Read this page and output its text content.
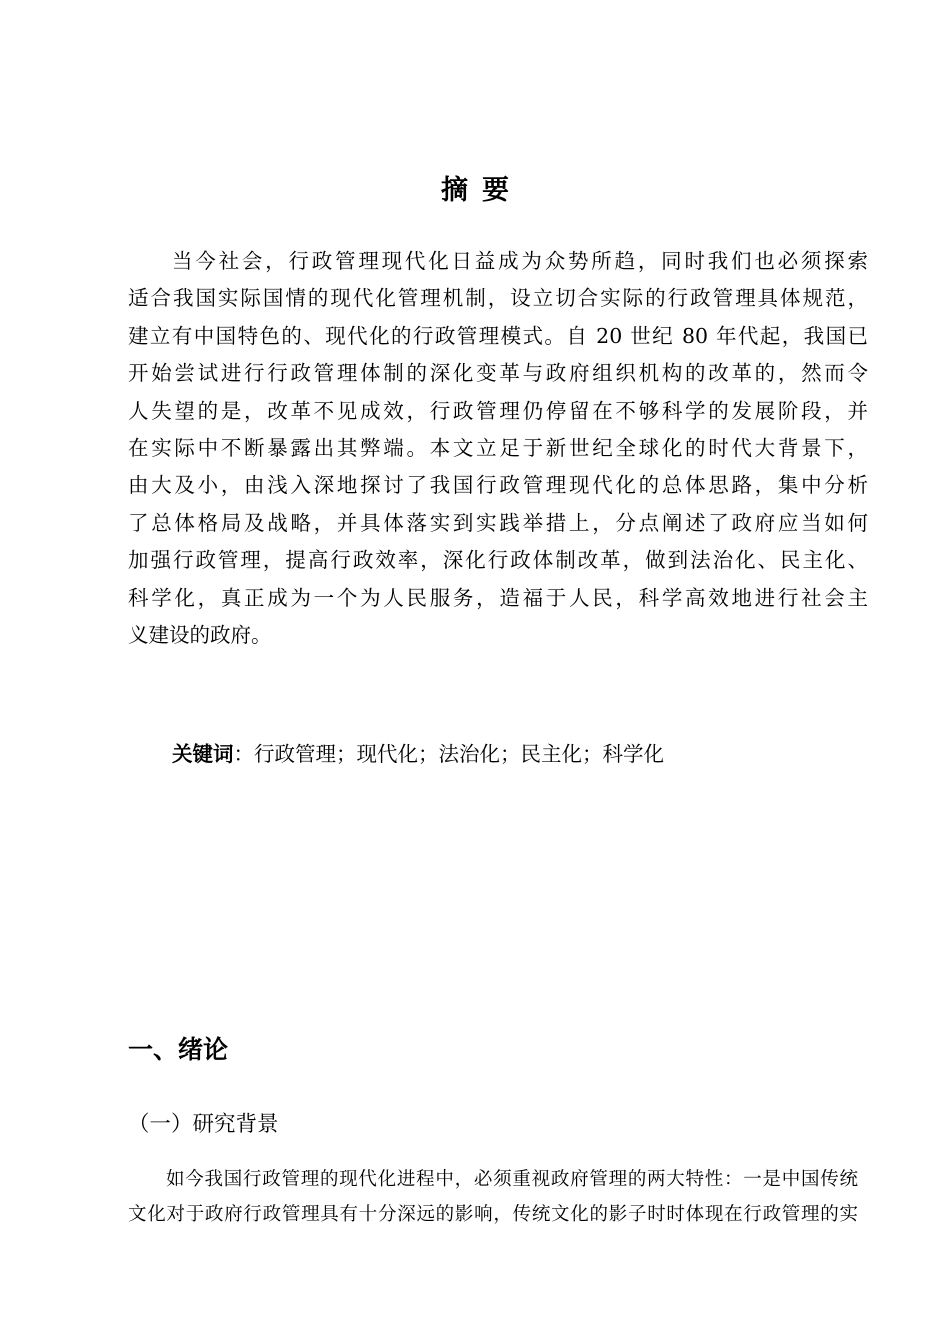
摘要

当今社会，行政管理现代化日益成为众势所趋，同时我们也必须探索
适合我国实际国情的现代化管理机制，设立切合实际的行政管理具体规范，
建立有中国特色的、现代化的行政管理模式。自 20 世纪 80 年代起，我国已
开始尝试进行行政管理体制的深化变革与政府组织机构的改革的，然而令
人失望的是，改革不见成效，行政管理仍停留在不够科学的发展阶段，并
在实际中不断暴露出其弊端。本文立足于新世纪全球化的时代大背景下，
由大及小，由浅入深地探讨了我国行政管理现代化的总体思路，集中分析
了总体格局及战略，并具体落实到实践举措上，分点阐述了政府应当如何
加强行政管理，提高行政效率，深化行政体制改革，做到法治化、民主化、
科学化，真正成为一个为人民服务，造福于人民，科学高效地进行社会主
义建设的政府。

关键词：行政管理；现代化；法治化；民主化；科学化
一、绪论
（一）研究背景
如今我国行政管理的现代化进程中，必须重视政府管理的两大特性：一是中国传统
文化对于政府行政管理具有十分深远的影响，传统文化的影子时时体现在行政管理的实
